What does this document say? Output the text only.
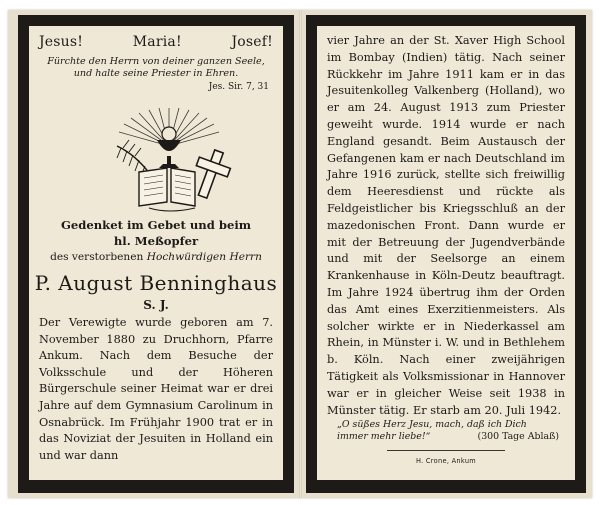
Jesus!	Maria!	Josef!
Fürchte den Herrn von deiner ganzen Seele,
und halte seine Priester in Ehren.
Jes. Sir. 7, 31
Gedenket im Gebet und beim
hl. Meßopfer
des verstorbenen Hochwürdigen Herrn
P. August Benninghaus
S. J.
Der Verewigte wurde geboren am 7. November 1880 zu Druchhorn, Pfarre Ankum. Nach dem Besuche der Volksschule und der Höheren Bürgerschule seiner Heimat war er drei Jahre auf dem Gymnasium Carolinum in Osnabrück. Im Frühjahr 1900 trat er in das Noviziat der Jesuiten in Holland ein und war dann
vier Jahre an der St. Xaver High School im Bombay (Indien) tätig. Nach seiner Rückkehr im Jahre 1911 kam er in das Jesuitenkolleg Valkenberg (Holland), wo er am 24. August 1913 zum Priester geweiht wurde. 1914 wurde er nach England gesandt. Beim Austausch der Gefangenen kam er nach Deutschland im Jahre 1916 zurück, stellte sich freiwillig dem Heeresdienst und rückte als Feldgeistlicher bis Kriegsschluß an der mazedonischen Front. Dann wurde er mit der Betreuung der Jugendverbände und mit der Seelsorge an einem Krankenhause in Köln-Deutz beauftragt. Im Jahre 1924 übertrug ihm der Orden das Amt eines Exerzitienmeisters. Als solcher wirkte er in Niederkassel am Rhein, in Münster i. W. und in Bethlehem b. Köln. Nach einer zweijährigen Tätigkeit als Volksmissionar in Hannover war er in gleicher Weise seit 1938 in Münster tätig. Er starb am 20. Juli 1942.
„O süßes Herz Jesu, mach, daß ich Dich
immer mehr liebe!“	(300 Tage Ablaß)
H. Crone, Ankum
